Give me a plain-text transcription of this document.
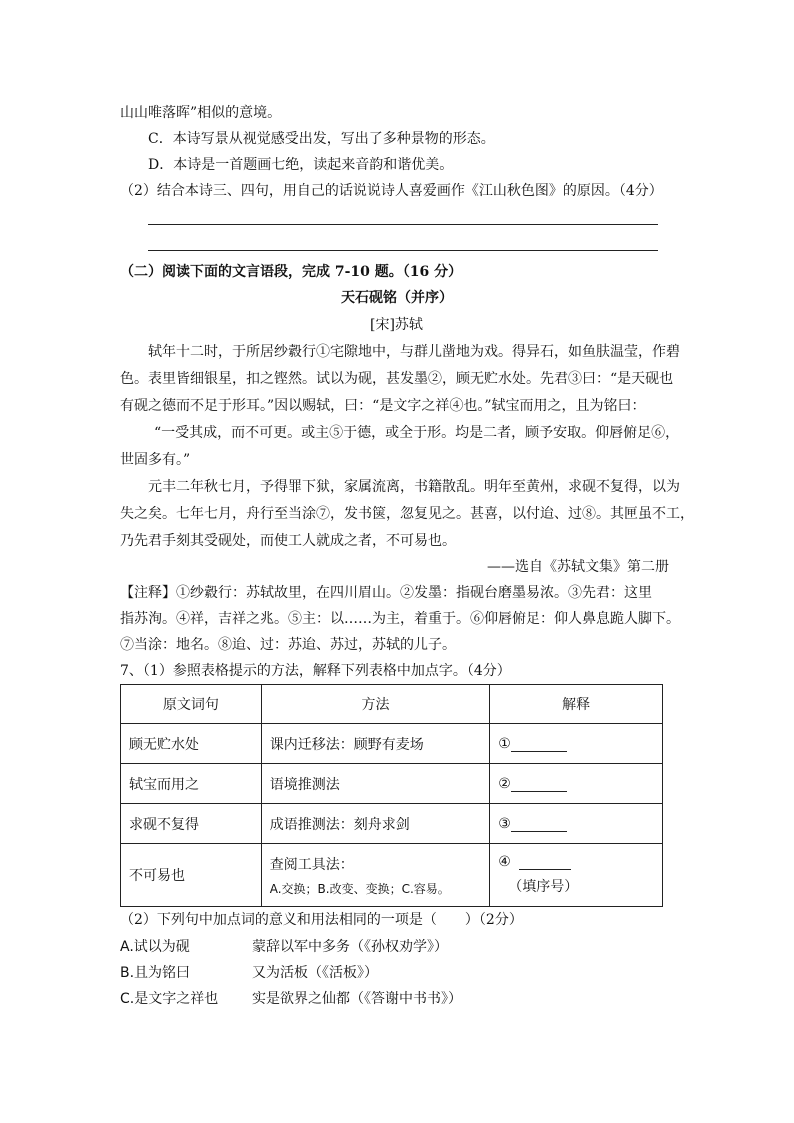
山山唯落晖”相似的意境。
C．本诗写景从视觉感受出发，写出了多种景物的形态。
D．本诗是一首题画七绝，读起来音韵和谐优美。
（2）结合本诗三、四句，用自己的话说说诗人喜爱画作《江山秋色图》的原因。（4分）
（二）阅读下面的文言语段，完成 7-10 题。（16 分）
天石砚铭（并序）
[宋]苏轼
轼年十二时，于所居纱縠行①宅隙地中，与群儿凿地为戏。得异石，如鱼肤温莹，作碧
色。表里皆细银星，扣之铿然。试以为砚，甚发墨②，顾无贮水处。先君③曰：“是天砚也
有砚之德而不足于形耳。”因以赐轼，曰：“是文字之祥④也。”轼宝而用之，且为铭曰：
“一受其成，而不可更。或主⑤于德，或全于形。均是二者，顾予安取。仰唇俯足⑥，
世固多有。”
元丰二年秋七月，予得罪下狱，家属流离，书籍散乱。明年至黄州，求砚不复得，以为
失之矣。七年七月，舟行至当涂⑦，发书箧，忽复见之。甚喜，以付迨、过⑧。其匣虽不工，
乃先君手刻其受砚处，而使工人就成之者，不可易也。
——选自《苏轼文集》第二册
【注释】①纱縠行：苏轼故里，在四川眉山。②发墨：指砚台磨墨易浓。③先君：这里
指苏洵。④祥，吉祥之兆。⑤主：以……为主，着重于。⑥仰唇俯足：仰人鼻息跪人脚下。
⑦当涂：地名。⑧迨、过：苏迨、苏过，苏轼的儿子。
7、（1）参照表格提示的方法，解释下列表格中加点字。（4分）
原文词句	方法	解释
顾无贮水处	课内迁移法：顾野有麦场	①
轼宝而用之	语境推测法	②
求砚不复得	成语推测法：刻舟求剑	③
不可易也	查阅工具法：
A.交换；B.改变、变换；C.容易。	④
（填序号）
（2）下列句中加点词的意义和用法相同的一项是（　　）（2分）
A.试以为砚	蒙辞以军中多务（《孙权劝学》）
B.且为铭曰	又为活板（《活板》）
C.是文字之祥也 实是欲界之仙都（《答谢中书书》）
